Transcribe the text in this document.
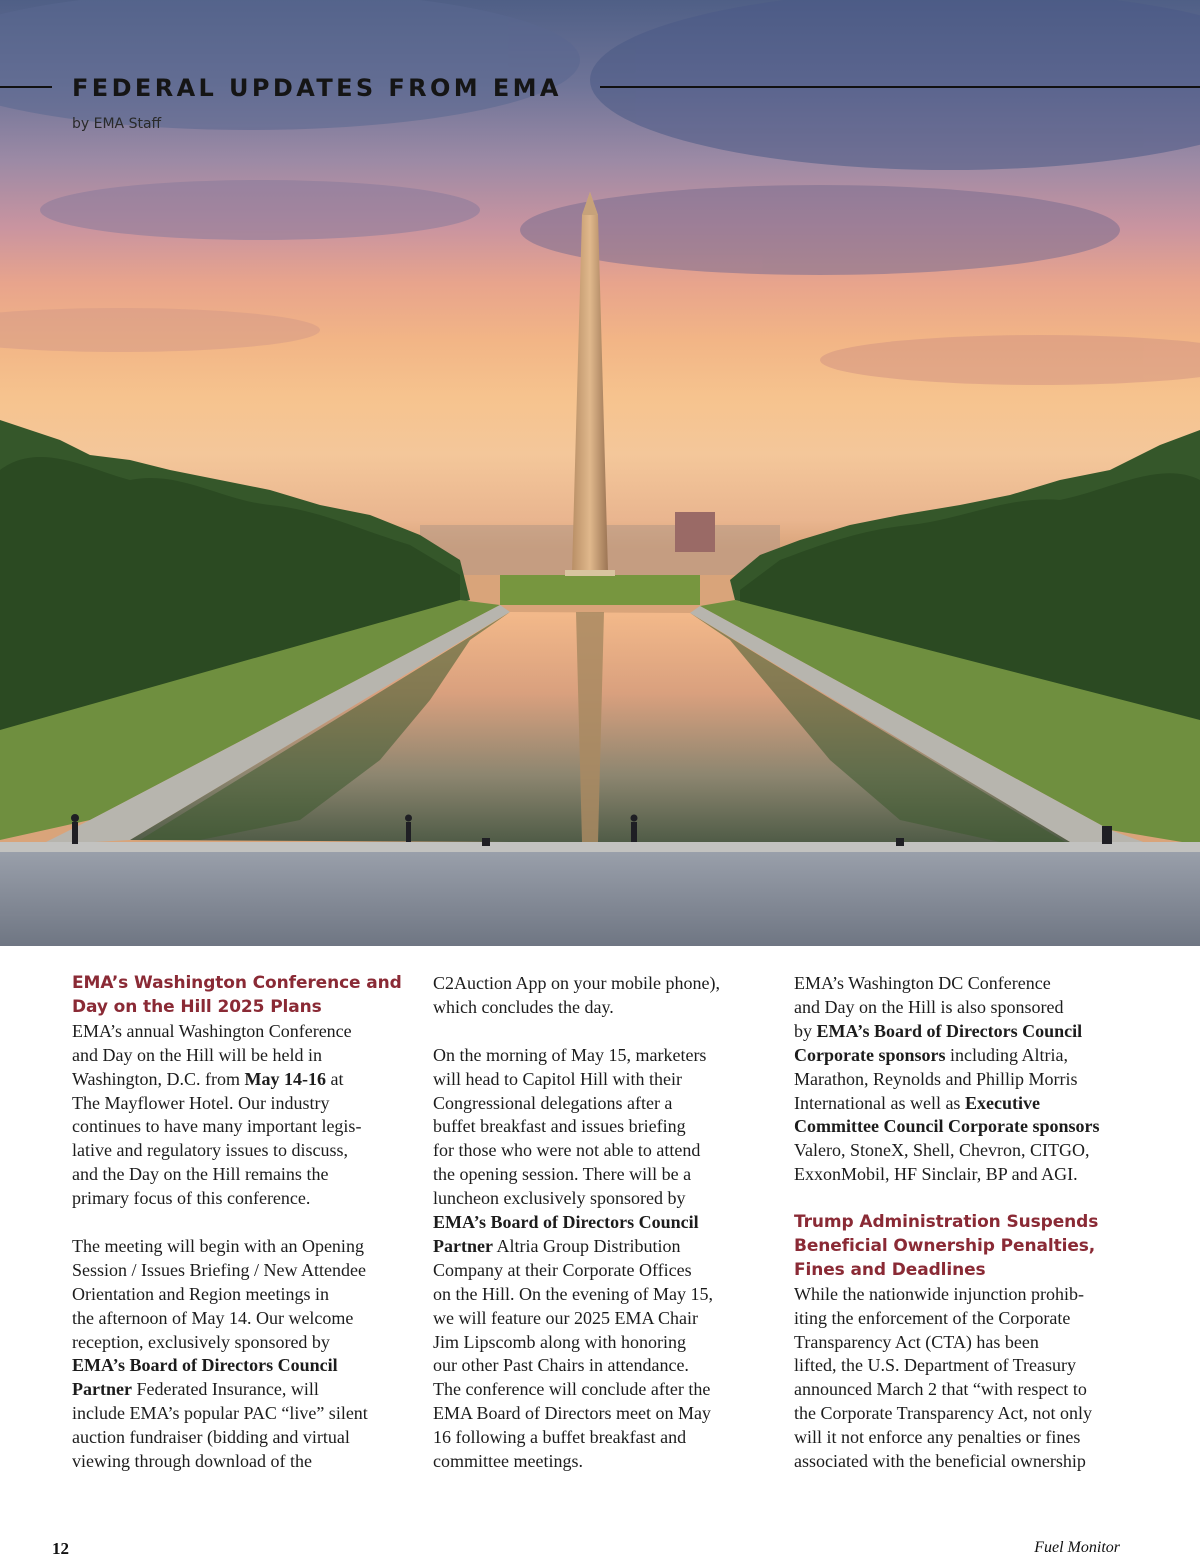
FEDERAL UPDATES FROM EMA
by EMA Staff
EMA’s Washington Conference and
Day on the Hill 2025 Plans

EMA’s annual Washington Conference
and Day on the Hill will be held in
Washington, D.C. from May 14-16 at
The Mayflower Hotel. Our industry
continues to have many important legis-
lative and regulatory issues to discuss,
and the Day on the Hill remains the
primary focus of this conference.

The meeting will begin with an Opening
Session / Issues Briefing / New Attendee
Orientation and Region meetings in
the afternoon of May 14. Our welcome
reception, exclusively sponsored by
EMA’s Board of Directors Council
Partner Federated Insurance, will
include EMA’s popular PAC “live” silent
auction fundraiser (bidding and virtual
viewing through download of the

C2Auction App on your mobile phone),
which concludes the day.

On the morning of May 15, marketers
will head to Capitol Hill with their
Congressional delegations after a
buffet breakfast and issues briefing
for those who were not able to attend
the opening session. There will be a
luncheon exclusively sponsored by
EMA’s Board of Directors Council
Partner Altria Group Distribution
Company at their Corporate Offices
on the Hill. On the evening of May 15,
we will feature our 2025 EMA Chair
Jim Lipscomb along with honoring
our other Past Chairs in attendance.
The conference will conclude after the
EMA Board of Directors meet on May
16 following a buffet breakfast and
committee meetings.

EMA’s Washington DC Conference
and Day on the Hill is also sponsored
by EMA’s Board of Directors Council
Corporate sponsors including Altria,
Marathon, Reynolds and Phillip Morris
International as well as Executive
Committee Council Corporate sponsors
Valero, StoneX, Shell, Chevron, CITGO,
ExxonMobil, HF Sinclair, BP and AGI.

Trump Administration Suspends
Beneficial Ownership Penalties,
Fines and Deadlines

While the nationwide injunction prohib-
iting the enforcement of the Corporate
Transparency Act (CTA) has been
lifted, the U.S. Department of Treasury
announced March 2 that “with respect to
the Corporate Transparency Act, not only
will it not enforce any penalties or fines
associated with the beneficial ownership

12	Fuel Monitor
